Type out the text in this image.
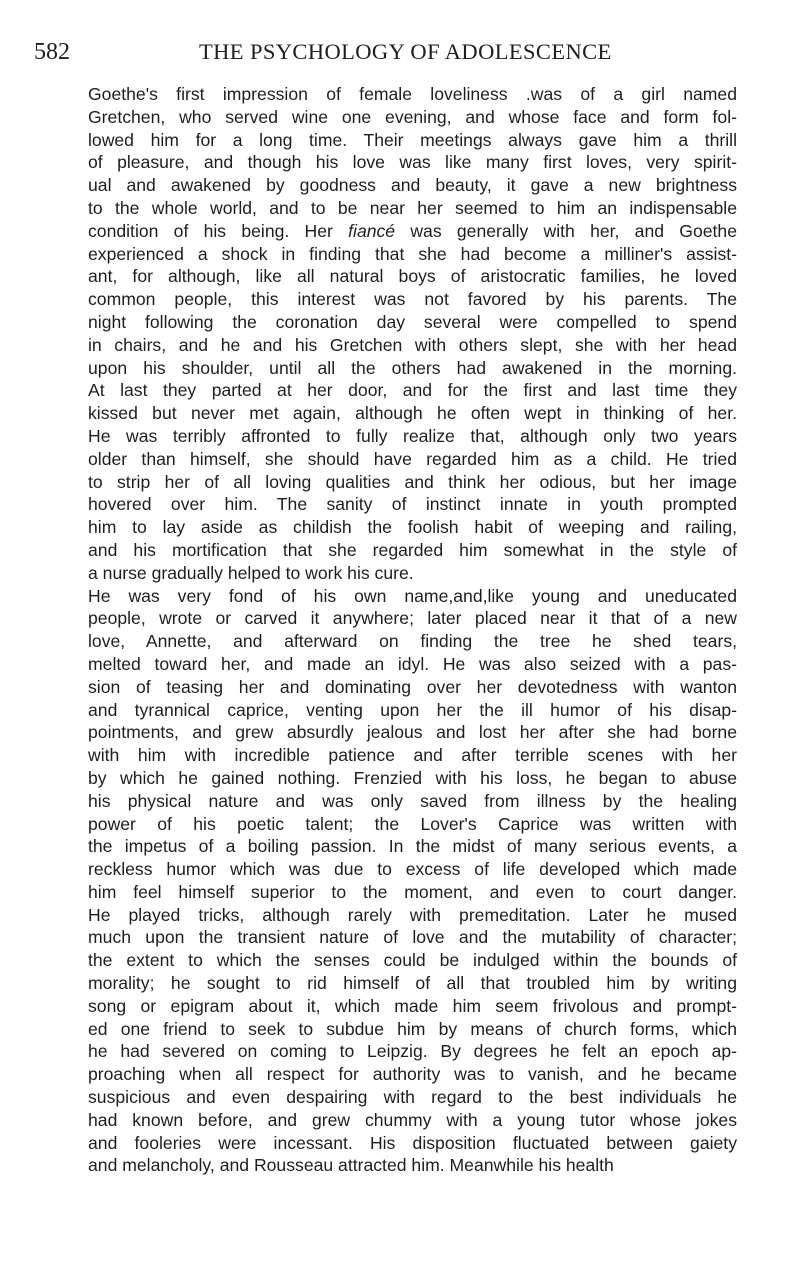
582	THE PSYCHOLOGY OF ADOLESCENCE
Goethe's first impression of female loveliness .was of a girl named
Gretchen, who served wine one evening, and whose face and form fol-
lowed him for a long time. Their meetings always gave him a thrill
of pleasure, and though his love was like many first loves, very spirit-
ual and awakened by goodness and beauty, it gave a new brightness
to the whole world, and to be near her seemed to him an indispensable
condition of his being. Her fiancé was generally with her, and Goethe
experienced a shock in finding that she had become a milliner's assist-
ant, for although, like all natural boys of aristocratic families, he loved
common people, this interest was not favored by his parents. The
night following the coronation day several were compelled to spend
in chairs, and he and his Gretchen with others slept, she with her head
upon his shoulder, until all the others had awakened in the morning.
At last they parted at her door, and for the first and last time they
kissed but never met again, although he often wept in thinking of her.
He was terribly affronted to fully realize that, although only two years
older than himself, she should have regarded him as a child. He tried
to strip her of all loving qualities and think her odious, but her image
hovered over him. The sanity of instinct innate in youth prompted
him to lay aside as childish the foolish habit of weeping and railing,
and his mortification that she regarded him somewhat in the style of
a nurse gradually helped to work his cure.
He was very fond of his own name,and,like young and uneducated
people, wrote or carved it anywhere; later placed near it that of a new
love, Annette, and afterward on finding the tree he shed tears,
melted toward her, and made an idyl. He was also seized with a pas-
sion of teasing her and dominating over her devotedness with wanton
and tyrannical caprice, venting upon her the ill humor of his disap-
pointments, and grew absurdly jealous and lost her after she had borne
with him with incredible patience and after terrible scenes with her
by which he gained nothing. Frenzied with his loss, he began to abuse
his physical nature and was only saved from illness by the healing
power of his poetic talent; the Lover's Caprice was written with
the impetus of a boiling passion. In the midst of many serious events, a
reckless humor which was due to excess of life developed which made
him feel himself superior to the moment, and even to court danger.
He played tricks, although rarely with premeditation. Later he mused
much upon the transient nature of love and the mutability of character;
the extent to which the senses could be indulged within the bounds of
morality; he sought to rid himself of all that troubled him by writing
song or epigram about it, which made him seem frivolous and prompt-
ed one friend to seek to subdue him by means of church forms, which
he had severed on coming to Leipzig. By degrees he felt an epoch ap-
proaching when all respect for authority was to vanish, and he became
suspicious and even despairing with regard to the best individuals he
had known before, and grew chummy with a young tutor whose jokes
and fooleries were incessant. His disposition fluctuated between gaiety
and melancholy, and Rousseau attracted him. Meanwhile his health
